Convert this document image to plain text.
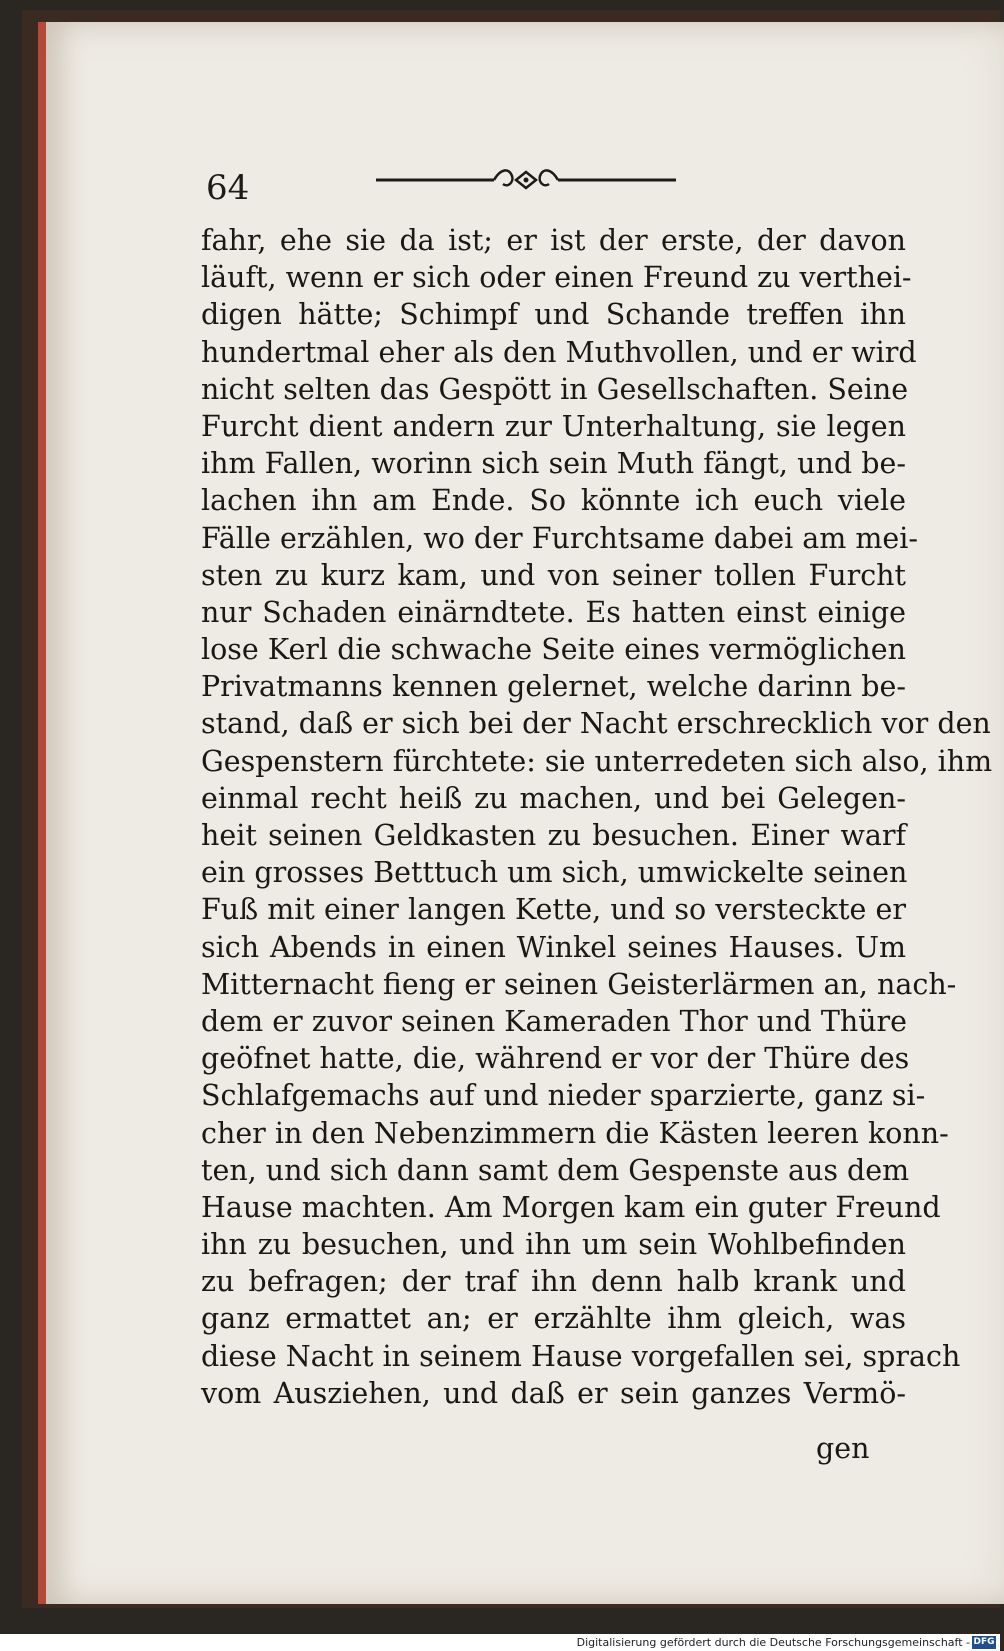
64
fahr, ehe sie da ist; er ist der erste, der davon
läuft, wenn er sich oder einen Freund zu verthei-
digen hätte; Schimpf und Schande treffen ihn
hundertmal eher als den Muthvollen, und er wird
nicht selten das Gespött in Gesellschaften. Seine
Furcht dient andern zur Unterhaltung, sie legen
ihm Fallen, worinn sich sein Muth fängt, und be-
lachen ihn am Ende. So könnte ich euch viele
Fälle erzählen, wo der Furchtsame dabei am mei-
sten zu kurz kam, und von seiner tollen Furcht
nur Schaden einärndtete. Es hatten einst einige
lose Kerl die schwache Seite eines vermöglichen
Privatmanns kennen gelernet, welche darinn be-
stand, daß er sich bei der Nacht erschrecklich vor den
Gespenstern fürchtete: sie unterredeten sich also, ihm
einmal recht heiß zu machen, und bei Gelegen-
heit seinen Geldkasten zu besuchen. Einer warf
ein grosses Betttuch um sich, umwickelte seinen
Fuß mit einer langen Kette, und so versteckte er
sich Abends in einen Winkel seines Hauses. Um
Mitternacht fieng er seinen Geisterlärmen an, nach-
dem er zuvor seinen Kameraden Thor und Thüre
geöfnet hatte, die, während er vor der Thüre des
Schlafgemachs auf und nieder sparzierte, ganz si-
cher in den Nebenzimmern die Kästen leeren konn-
ten, und sich dann samt dem Gespenste aus dem
Hause machten. Am Morgen kam ein guter Freund
ihn zu besuchen, und ihn um sein Wohlbefinden
zu befragen; der traf ihn denn halb krank und
ganz ermattet an; er erzählte ihm gleich, was
diese Nacht in seinem Hause vorgefallen sei, sprach
vom Ausziehen, und daß er sein ganzes Vermö-
gen
Digitalisierung gefördert durch die Deutsche Forschungsgemeinschaft - DFG
